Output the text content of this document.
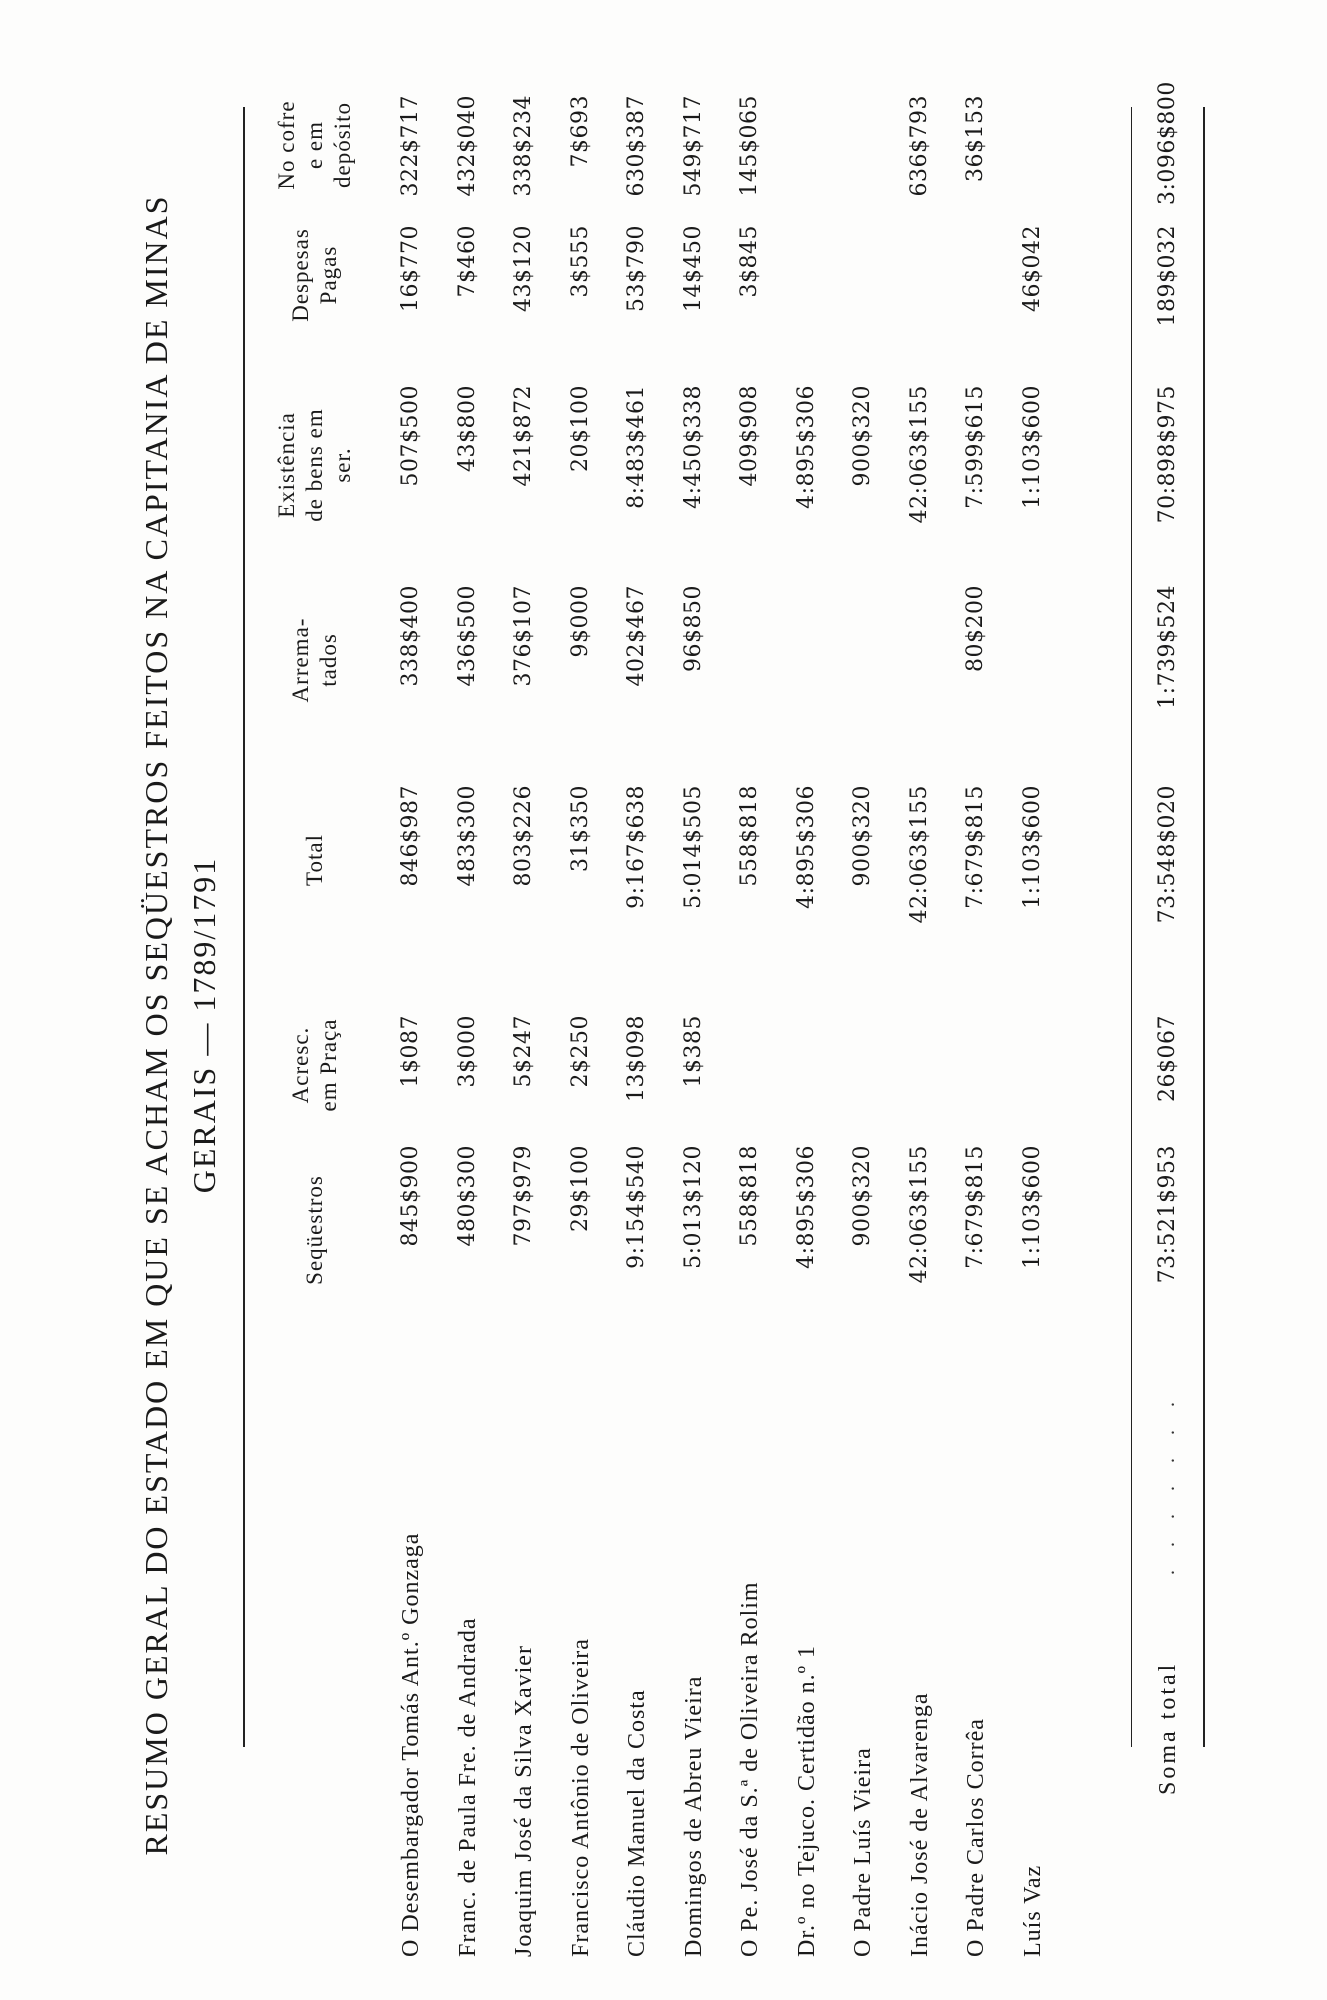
RESUMO GERAL DO ESTADO EM QUE SE ACHAM OS SEQÜESTROS FEITOS NA CAPITANIA DE MINAS GERAIS — 1789/1791
Seqüestros
Acresc. em Praça
Total
Arrema- tados
Existência de bens em ser.
Despesas Pagas
No cofre e em depósito
O Desembargador Tomás Ant.º Gonzaga
845$900
1$087
846$987
338$400
507$500
16$770
322$717
Franc. de Paula Fre. de Andrada
480$300
3$000
483$300
436$500
43$800
7$460
432$040
Joaquim José da Silva Xavier
797$979
5$247
803$226
376$107
421$872
43$120
338$234
Francisco Antônio de Oliveira
29$100
2$250
31$350
9$000
20$100
3$555
7$693
Cláudio Manuel da Costa
9:154$540
13$098
9:167$638
402$467
8:483$461
53$790
630$387
Domingos de Abreu Vieira
5:013$120
1$385
5:014$505
96$850
4:450$338
14$450
549$717
O Pe. José da S.ª de Oliveira Rolim
558$818
558$818
409$908
3$845
145$065
Dr.º no Tejuco. Certidão n.º 1
4:895$306
4:895$306
4:895$306
O Padre Luís Vieira
900$320
900$320
900$320
Inácio José de Alvarenga
42:063$155
42:063$155
42:063$155
636$793
O Padre Carlos Corrêa
7:679$815
7:679$815
80$200
7:599$615
36$153
Luís Vaz
1:103$600
1:103$600
1:103$600
46$042
Soma total
. . . . . . .
73:521$953
26$067
73:548$020
1:739$524
70:898$975
189$032
3:096$800
